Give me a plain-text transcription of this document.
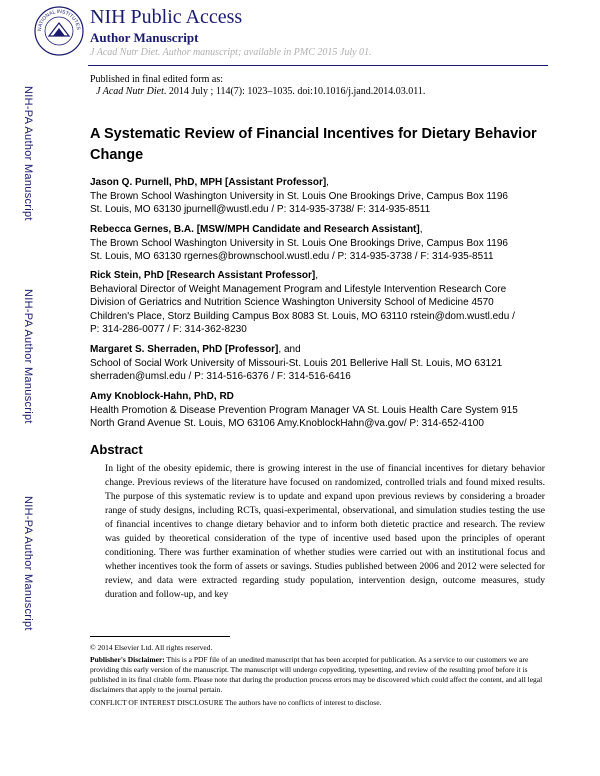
NATIONAL INSTITUTES
NIH Public Access
Author Manuscript
J Acad Nutr Diet. Author manuscript; available in PMC 2015 July 01.
NIH-PA Author Manuscript
NIH-PA Author Manuscript
NIH-PA Author Manuscript
Published in final edited form as:
J Acad Nutr Diet. 2014 July ; 114(7): 1023–1035. doi:10.1016/j.jand.2014.03.011.
A Systematic Review of Financial Incentives for Dietary Behavior Change
Jason Q. Purnell, PhD, MPH [Assistant Professor],
The Brown School Washington University in St. Louis One Brookings Drive, Campus Box 1196
St. Louis, MO 63130 jpurnell@wustl.edu / P: 314-935-3738/ F: 314-935-8511
Rebecca Gernes, B.A. [MSW/MPH Candidate and Research Assistant],
The Brown School Washington University in St. Louis One Brookings Drive, Campus Box 1196
St. Louis, MO 63130 rgernes@brownschool.wustl.edu / P: 314-935-3738 / F: 314-935-8511
Rick Stein, PhD [Research Assistant Professor],
Behavioral Director of Weight Management Program and Lifestyle Intervention Research Core
Division of Geriatrics and Nutrition Science Washington University School of Medicine 4570
Children's Place, Storz Building Campus Box 8083 St. Louis, MO 63110 rstein@dom.wustl.edu /
P: 314-286-0077 / F: 314-362-8230
Margaret S. Sherraden, PhD [Professor], and
School of Social Work University of Missouri-St. Louis 201 Bellerive Hall St. Louis, MO 63121
sherraden@umsl.edu / P: 314-516-6376 / F: 314-516-6416
Amy Knoblock-Hahn, PhD, RD
Health Promotion & Disease Prevention Program Manager VA St. Louis Health Care System 915
North Grand Avenue St. Louis, MO 63106 Amy.KnoblockHahn@va.gov/ P: 314-652-4100
Abstract
In light of the obesity epidemic, there is growing interest in the use of financial incentives for dietary behavior change. Previous reviews of the literature have focused on randomized, controlled trials and found mixed results. The purpose of this systematic review is to update and expand upon previous reviews by considering a broader range of study designs, including RCTs, quasi-experimental, observational, and simulation studies testing the use of financial incentives to change dietary behavior and to inform both dietetic practice and research. The review was guided by theoretical consideration of the type of incentive used based upon the principles of operant conditioning. There was further examination of whether studies were carried out with an institutional focus and whether incentives took the form of assets or savings. Studies published between 2006 and 2012 were selected for review, and data were extracted regarding study population, intervention design, outcome measures, study duration and follow-up, and key
© 2014 Elsevier Ltd. All rights reserved.
Publisher's Disclaimer: This is a PDF file of an unedited manuscript that has been accepted for publication. As a service to our customers we are providing this early version of the manuscript. The manuscript will undergo copyediting, typesetting, and review of the resulting proof before it is published in its final citable form. Please note that during the production process errors may be discovered which could affect the content, and all legal disclaimers that apply to the journal pertain.
CONFLICT OF INTEREST DISCLOSURE The authors have no conflicts of interest to disclose.
